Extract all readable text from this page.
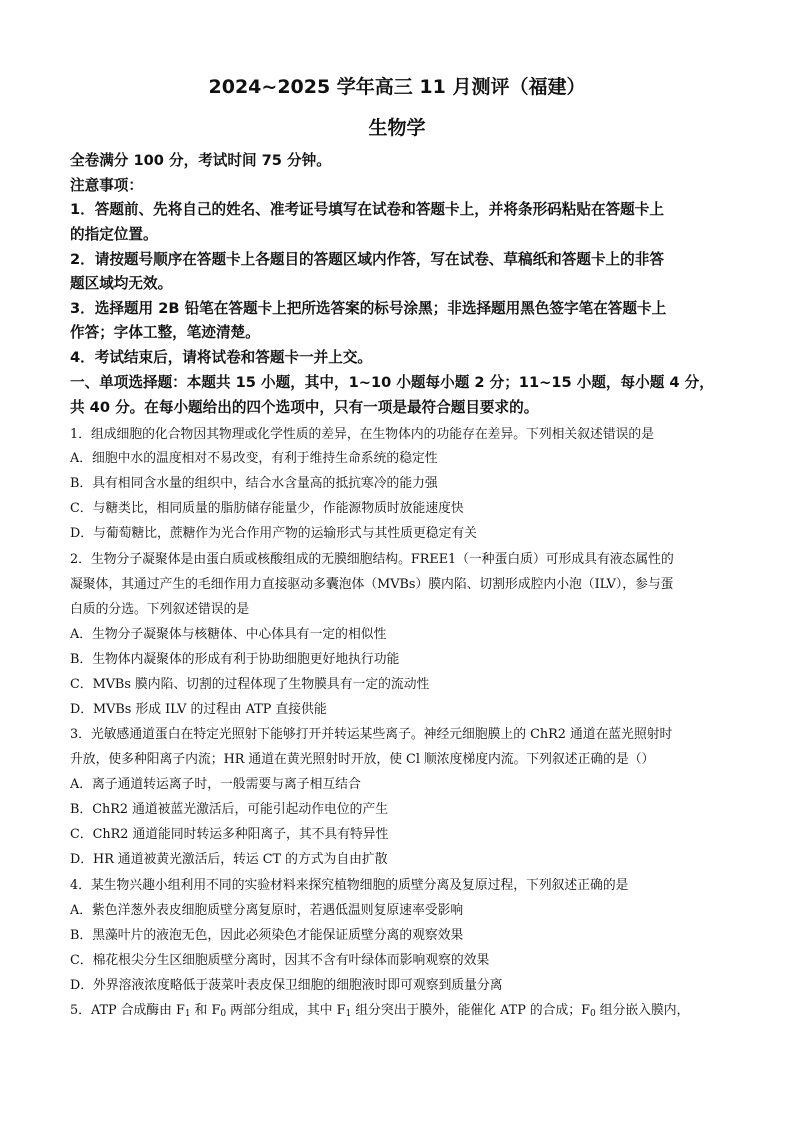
2024~2025 学年高三 11 月测评（福建）
生物学
全卷满分 100 分，考试时间 75 分钟。
注意事项：
1．答题前、先将自己的姓名、准考证号填写在试卷和答题卡上，并将条形码粘贴在答题卡上
的指定位置。
2．请按题号顺序在答题卡上各题目的答题区域内作答，写在试卷、草稿纸和答题卡上的非答
题区域均无效。
3．选择题用 2B 铅笔在答题卡上把所选答案的标号涂黑；非选择题用黑色签字笔在答题卡上
作答；字体工整，笔迹清楚。
4．考试结束后，请将试卷和答题卡一并上交。
一、单项选择题：本题共 15 小题，其中，1~10 小题每小题 2 分；11~15 小题，每小题 4 分，
共 40 分。在每小题给出的四个选项中，只有一项是最符合题目要求的。
1．组成细胞的化合物因其物理或化学性质的差异，在生物体内的功能存在差异。下列相关叙述错误的是
A．细胞中水的温度相对不易改变，有利于维持生命系统的稳定性
B．具有相同含水量的组织中，结合水含量高的抵抗寒冷的能力强
C．与糖类比，相同质量的脂肪储存能量少，作能源物质时放能速度快
D．与葡萄糖比，蔗糖作为光合作用产物的运输形式与其性质更稳定有关
2．生物分子凝聚体是由蛋白质或核酸组成的无膜细胞结构。FREE1（一种蛋白质）可形成具有液态属性的
凝聚体，其通过产生的毛细作用力直接驱动多囊泡体（MVBs）膜内陷、切割形成腔内小泡（ILV），参与蛋
白质的分选。下列叙述错误的是
A．生物分子凝聚体与核糖体、中心体具有一定的相似性
B．生物体内凝聚体的形成有利于协助细胞更好地执行功能
C．MVBs 膜内陷、切割的过程体现了生物膜具有一定的流动性
D．MVBs 形成 ILV 的过程由 ATP 直接供能
3．光敏感通道蛋白在特定光照射下能够打开并转运某些离子。神经元细胞膜上的 ChR2 通道在蓝光照射时
升放，使多种阳离子内流；HR 通道在黄光照射时开放，使 Cl 顺浓度梯度内流。下列叙述正确的是（）
A．离子通道转运离子时，一般需要与离子相互结合
B．ChR2 通道被蓝光激活后，可能引起动作电位的产生
C．ChR2 通道能同时转运多种阳离子，其不具有特异性
D．HR 通道被黄光激活后，转运 CT 的方式为自由扩散
4．某生物兴趣小组利用不同的实验材料来探究植物细胞的质壁分离及复原过程，下列叙述正确的是
A．紫色洋葱外表皮细胞质壁分离复原时，若遇低温则复原速率受影响
B．黑藻叶片的液泡无色，因此必须染色才能保证质壁分离的观察效果
C．棉花根尖分生区细胞质壁分离时，因其不含有叶绿体而影响观察的效果
D．外界溶液浓度略低于菠菜叶表皮保卫细胞的细胞液时即可观察到质量分离
5．ATP 合成酶由 $F_1$ 和 $F_0$ 两部分组成，其中 $F_1$ 组分突出于膜外，能催化 ATP 的合成；$F_0$ 组分嵌入膜内，
